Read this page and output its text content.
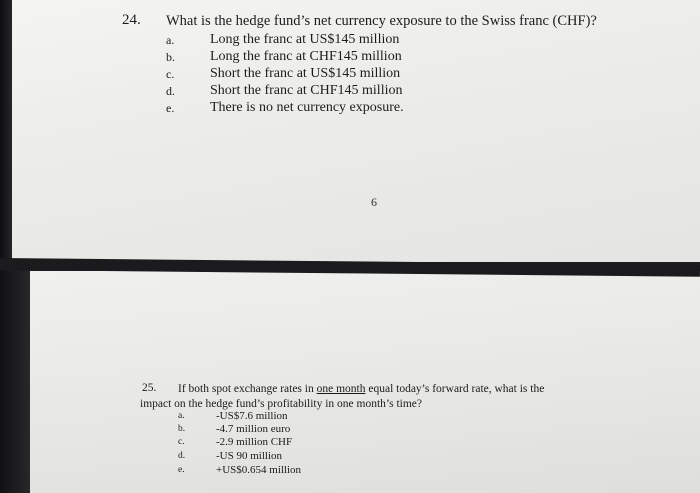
24. What is the hedge fund’s net currency exposure to the Swiss franc (CHF)?
a.	Long the franc at US$145 million
b.	Long the franc at CHF145 million
c.	Short the franc at US$145 million
d.	Short the franc at CHF145 million
e.	There is no net currency exposure.
6
25. If both spot exchange rates in one month equal today’s forward rate, what is the
impact on the hedge fund’s profitability in one month’s time?
a.	-US$7.6 million
b.	-4.7 million euro
c.	-2.9 million CHF
d.	-US 90 million
e.	+US$0.654 million
